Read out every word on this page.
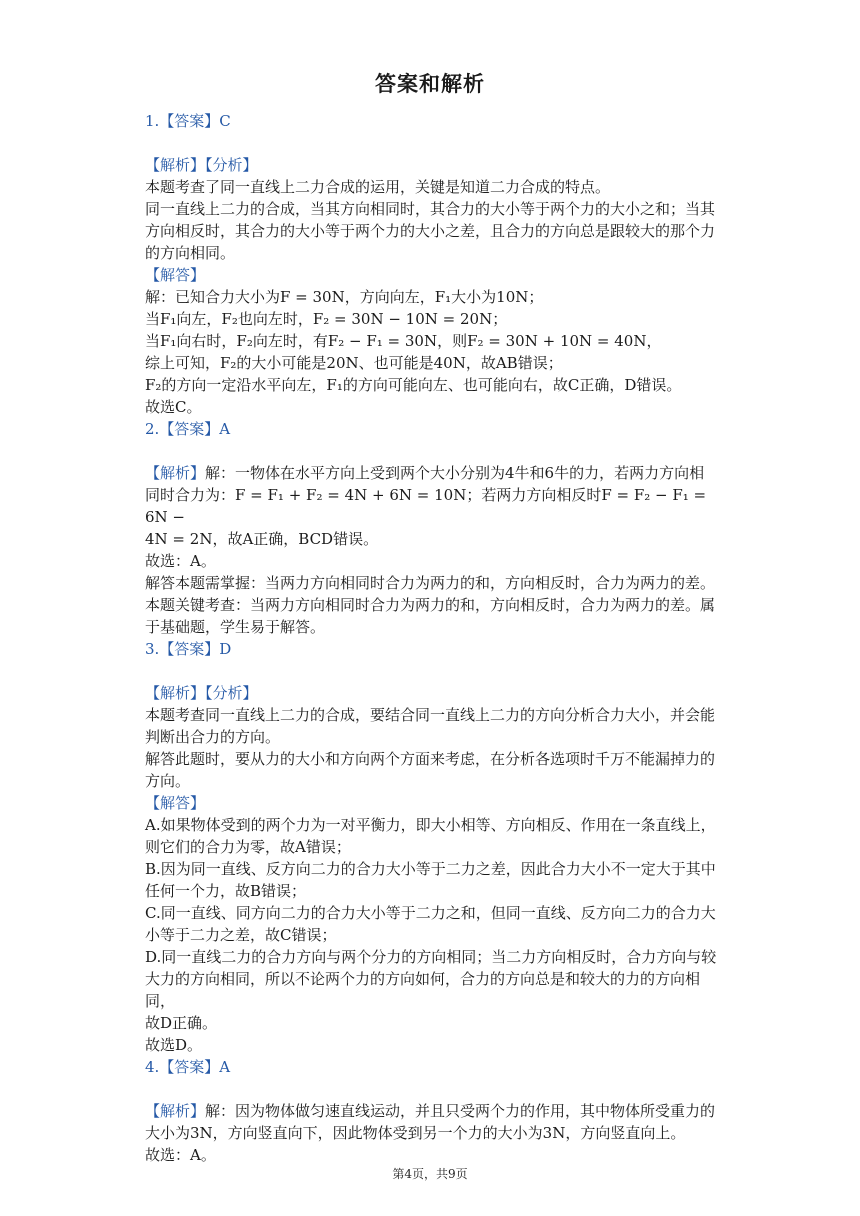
答案和解析

1.【答案】C

【解析】【分析】

本题考查了同一直线上二力合成的运用，关键是知道二力合成的特点。

同一直线上二力的合成，当其方向相同时，其合力的大小等于两个力的大小之和；当其

方向相反时，其合力的大小等于两个力的大小之差，且合力的方向总是跟较大的那个力

的方向相同。

【解答】

解：已知合力大小为F = 30N，方向向左，F₁大小为10N；

当F₁向左，F₂也向左时，F₂ = 30N − 10N = 20N；

当F₁向右时，F₂向左时，有F₂ − F₁ = 30N，则F₂ = 30N + 10N = 40N，

综上可知，F₂的大小可能是20N、也可能是40N，故AB错误；

F₂的方向一定沿水平向左，F₁的方向可能向左、也可能向右，故C正确，D错误。

故选C。

2.【答案】A

【解析】解：一物体在水平方向上受到两个大小分别为4牛和6牛的力，若两力方向相

同时合力为：F = F₁ + F₂ = 4N + 6N = 10N；若两力方向相反时F = F₂ − F₁ = 6N −

4N = 2N，故A正确，BCD错误。

故选：A。

解答本题需掌握：当两力方向相同时合力为两力的和，方向相反时，合力为两力的差。

本题关键考查：当两力方向相同时合力为两力的和，方向相反时，合力为两力的差。属

于基础题，学生易于解答。

3.【答案】D

【解析】【分析】

本题考查同一直线上二力的合成，要结合同一直线上二力的方向分析合力大小，并会能

判断出合力的方向。

解答此题时，要从力的大小和方向两个方面来考虑，在分析各选项时千万不能漏掉力的

方向。

【解答】

A.如果物体受到的两个力为一对平衡力，即大小相等、方向相反、作用在一条直线上，

则它们的合力为零，故A错误；

B.因为同一直线、反方向二力的合力大小等于二力之差，因此合力大小不一定大于其中

任何一个力，故B错误；

C.同一直线、同方向二力的合力大小等于二力之和，但同一直线、反方向二力的合力大

小等于二力之差，故C错误；

D.同一直线二力的合力方向与两个分力的方向相同；当二力方向相反时，合力方向与较

大力的方向相同，所以不论两个力的方向如何，合力的方向总是和较大的力的方向相同，

故D正确。

故选D。

4.【答案】A

【解析】解：因为物体做匀速直线运动，并且只受两个力的作用，其中物体所受重力的

大小为3N，方向竖直向下，因此物体受到另一个力的大小为3N，方向竖直向上。

故选：A。

第4页，共9页
